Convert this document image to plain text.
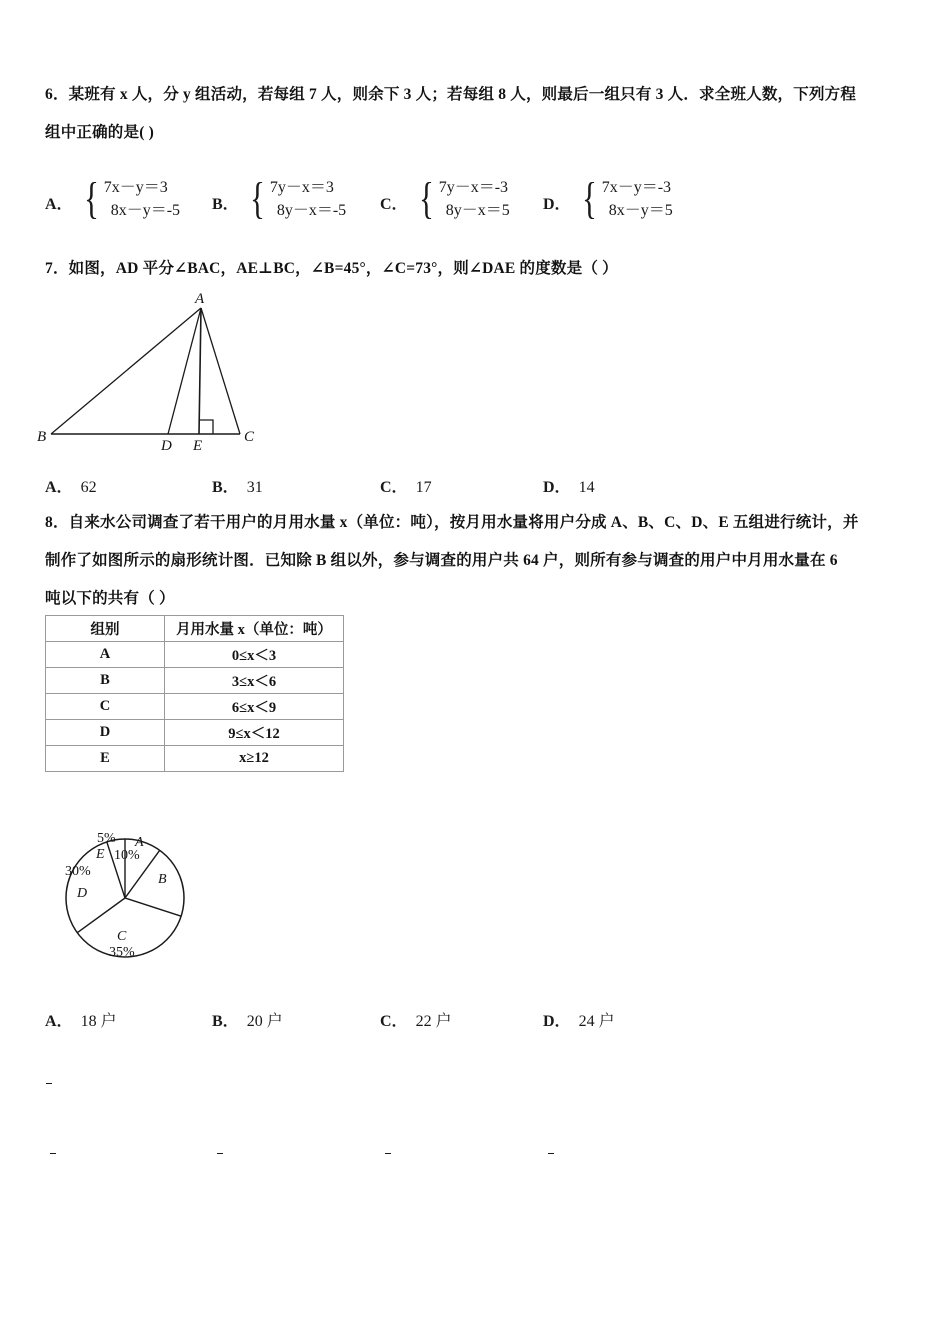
6．某班有 x 人，分 y 组活动，若每组 7 人，则余下 3 人；若每组 8 人，则最后一组只有 3 人．求全班人数，下列方程
组中正确的是( )
A． { 7x－y＝3
8x－y＝-5 B． { 7y－x＝3
8y－x＝-5 C． { 7y－x＝-3
8y－x＝5 D． { 7x－y＝-3
8x－y＝5
7．如图，AD 平分∠BAC，AE⊥BC，∠B=45°，∠C=73°，则∠DAE 的度数是（ ）
A
B	C
D E
A． 62	B． 31	C． 17	D． 14
8．自来水公司调查了若干用户的月用水量 x（单位：吨），按月用水量将用户分成 A、B、C、D、E 五组进行统计，并
制作了如图所示的扇形统计图．已知除 B 组以外，参与调查的用户共 64 户，则所有参与调查的用户中月用水量在 6
吨以下的共有（ ）
组别	月用水量 x（单位：吨）
A	0≤x＜3
B	3≤x＜6
C	6≤x＜9
D	9≤x＜12
E	x≥12
5%
E
A
10%
B
30%
D
C
35%
A． 18 户	B． 20 户	C． 22 户	D． 24 户
